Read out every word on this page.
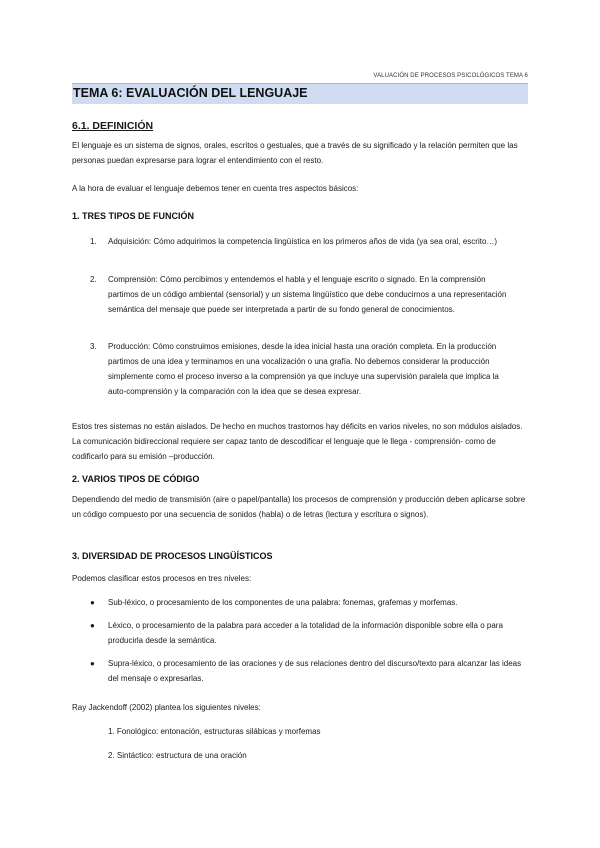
VALUACIÓN DE PROCESOS PSICOLÓGICOS TEMA 6
TEMA 6: EVALUACIÓN DEL LENGUAJE
6.1. DEFINICIÓN
El lenguaje es un sistema de signos, orales, escritos o gestuales, que a través de su significado y la relación permiten que las personas puedan expresarse para lograr el entendimiento con el resto.
A la hora de evaluar el lenguaje debemos tener en cuenta tres aspectos básicos:
1. TRES TIPOS DE FUNCIÓN
1. Adquisición: Cómo adquirimos la competencia lingüística en los primeros años de vida (ya sea oral, escrito…)
2. Comprensión: Cómo percibimos y entendemos el habla y el lenguaje escrito o signado. En la comprensión partimos de un código ambiental (sensorial) y un sistema lingüístico que debe conducirnos a una representación semántica del mensaje que puede ser interpretada a partir de su fondo general de conocimientos.
3. Producción: Cómo construimos emisiones, desde la idea inicial hasta una oración completa. En la producción partimos de una idea y terminamos en una vocalización o una grafía. No debemos considerar la producción simplemente como el proceso inverso a la comprensión ya que incluye una supervisión paralela que implica la auto-comprensión y la comparación con la idea que se desea expresar.
Estos tres sistemas no están aislados. De hecho en muchos trastornos hay déficits en varios niveles, no son módulos aislados. La comunicación bidireccional requiere ser capaz tanto de descodificar el lenguaje que le llega - comprensión- como de codificarlo para su emisión –producción.
2. VARIOS TIPOS DE CÓDIGO
Dependiendo del medio de transmisión (aire o papel/pantalla) los procesos de comprensión y producción deben aplicarse sobre un código compuesto por una secuencia de sonidos (habla) o de letras (lectura y escritura o signos).
3. DIVERSIDAD DE PROCESOS LINGÜÍSTICOS
Podemos clasificar estos procesos en tres niveles:
● Sub-léxico, o procesamiento de los componentes de una palabra: fonemas, grafemas y morfemas.
● Léxico, o procesamiento de la palabra para acceder a la totalidad de la información disponible sobre ella o para producirla desde la semántica.
● Supra-léxico, o procesamiento de las oraciones y de sus relaciones dentro del discurso/texto para alcanzar las ideas del mensaje o expresarlas.
Ray Jackendoff (2002) plantea los siguientes niveles:
1. Fonológico: entonación, estructuras silábicas y morfemas
2. Sintáctico: estructura de una oración
